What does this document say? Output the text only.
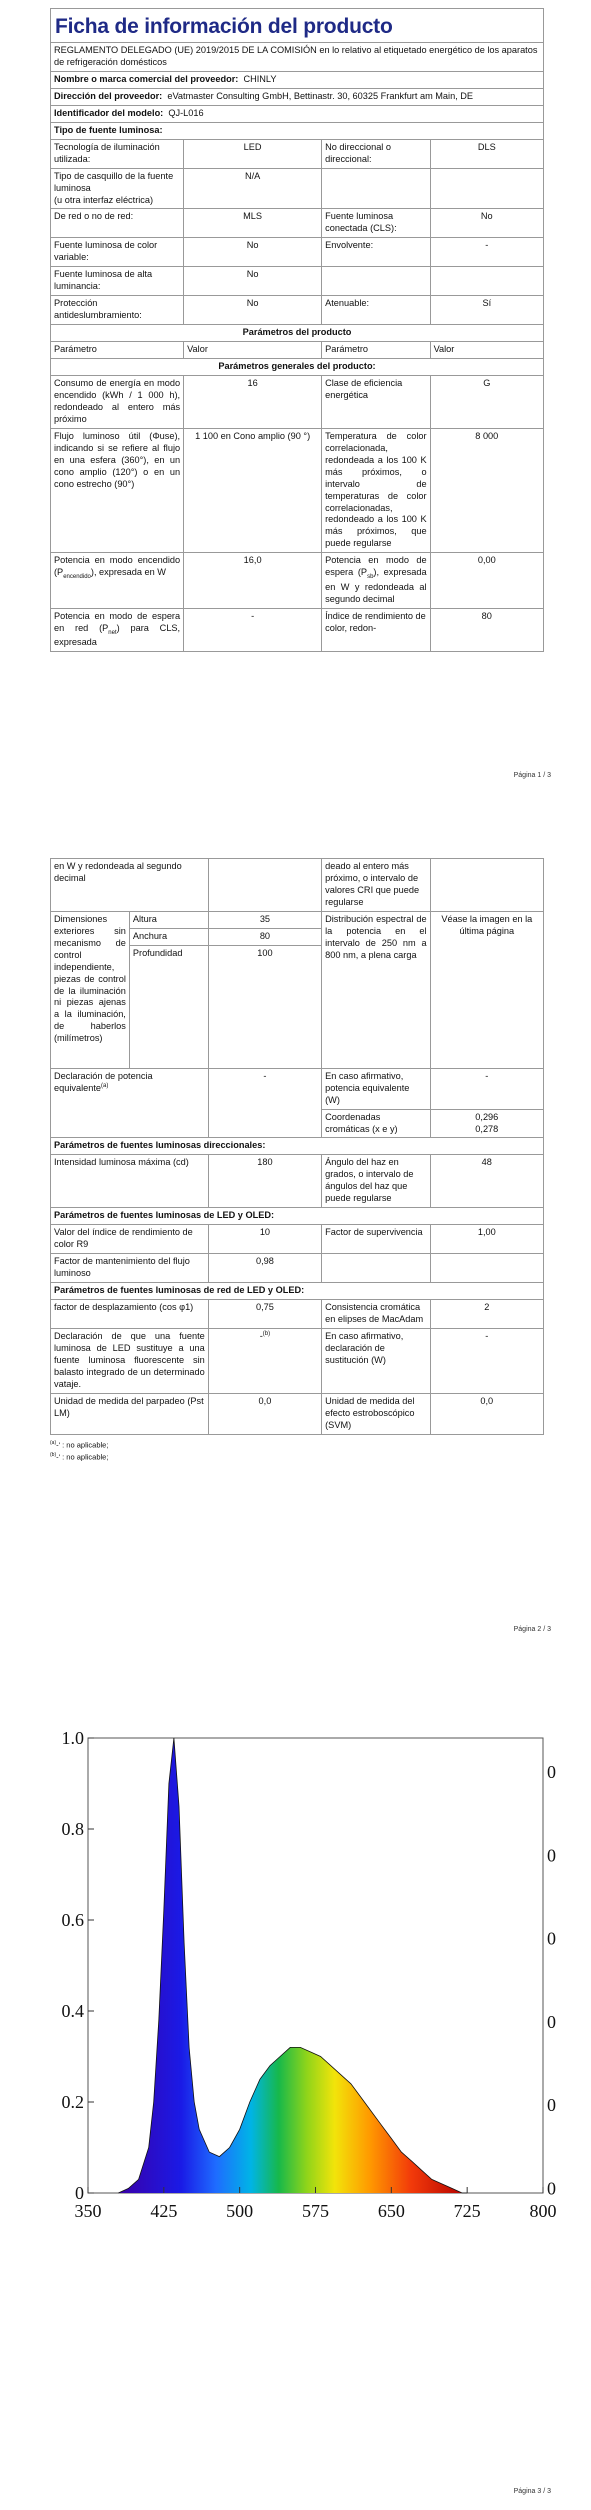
Ficha de información del producto
REGLAMENTO DELEGADO (UE) 2019/2015 DE LA COMISIÓN en lo relativo al etiquetado energético de los aparatos de refrigeración domésticos			
Nombre o marca comercial del proveedor: CHINLY			
Dirección del proveedor: eVatmaster Consulting GmbH, Bettinastr. 30, 60325 Frankfurt am Main, DE			
Identificador del modelo: QJ-L016			
Tipo de fuente luminosa:			
Tecnología de iluminación utilizada:	LED	No direccional o direccional:	DLS
Tipo de casquillo de la fuente luminosa
(u otra interfaz eléctrica)	N/A		
De red o no de red:	MLS	Fuente luminosa conectada (CLS):	No
Fuente luminosa de color variable:	No	Envolvente:	-
Fuente luminosa de alta luminancia:	No		
Protección antideslumbramiento:	No	Atenuable:	Sí
Parámetros del producto			
Parámetro	Valor	Parámetro	Valor
Parámetros generales del producto:			
Consumo de energía en modo encendido (kWh / 1 000 h), redondeado al entero más próximo	16	Clase de eficiencia energética	G
Flujo luminoso útil (Φuse), indicando si se refiere al flujo en una esfera (360°), en un cono amplio (120°) o en un cono estrecho (90°)	1 100 en Cono amplio (90 °)	Temperatura de color correlacionada, redondeada a los 100 K más próximos, o intervalo de temperaturas de color correlacionadas, redondeado a los 100 K más próximos, que puede regularse	8 000
Potencia en modo encendido $(P_{encendido})$, expresada en W	16,0	Potencia en modo de espera $(P_{sb})$, expresada en W y redondeada al segundo decimal	0,00
Potencia en modo de espera en red $(P_{net})$ para CLS, expresada	-	Índice de rendimiento de color, redon-	80
Página 1 / 3
en W y redondeada al segundo decimal			deado al entero más próximo, o intervalo de valores CRI que puede regularse	
Dimensiones exteriores sin mecanismo de control independiente, piezas de control de la iluminación ni piezas ajenas a la iluminación, de haberlos (milímetros)	Altura	35	Distribución espectral de la potencia en el intervalo de 250 nm a 800 nm, a plena carga	Véase la imagen en la última página
	Anchura	80		
	Profundidad	100		
Declaración de potencia equivalente$^{(a)}$		-	En caso afirmativo, potencia equivalente (W)	-
			Coordenadas cromáticas (x e y)	0,296
0,278
Parámetros de fuentes luminosas direccionales:				
Intensidad luminosa máxima (cd)		180	Ángulo del haz en grados, o intervalo de ángulos del haz que puede regularse	48
Parámetros de fuentes luminosas de LED y OLED:				
Valor del índice de rendimiento de color R9		10	Factor de supervivencia	1,00
Factor de mantenimiento del flujo luminoso		0,98		
Parámetros de fuentes luminosas de red de LED y OLED:				
factor de desplazamiento (cos φ1)		0,75	Consistencia cromática en elipses de MacAdam	2
Declaración de que una fuente luminosa de LED sustituye a una fuente luminosa fluorescente sin balasto integrado de un determinado vataje.		-$^{(b)}$	En caso afirmativo, declaración de sustitución (W)	-
Unidad de medida del parpadeo (Pst LM)		0,0	Unidad de medida del efecto estroboscópico (SVM)	0,0
$^{(a)}$-' : no aplicable;
$^{(b)}$-' : no aplicable;
Página 2 / 3
350	425	500	575	650	725	800
0
0.2
0.4
0.6
0.8
1.0
0
0
0
0
0
0
Página 3 / 3
